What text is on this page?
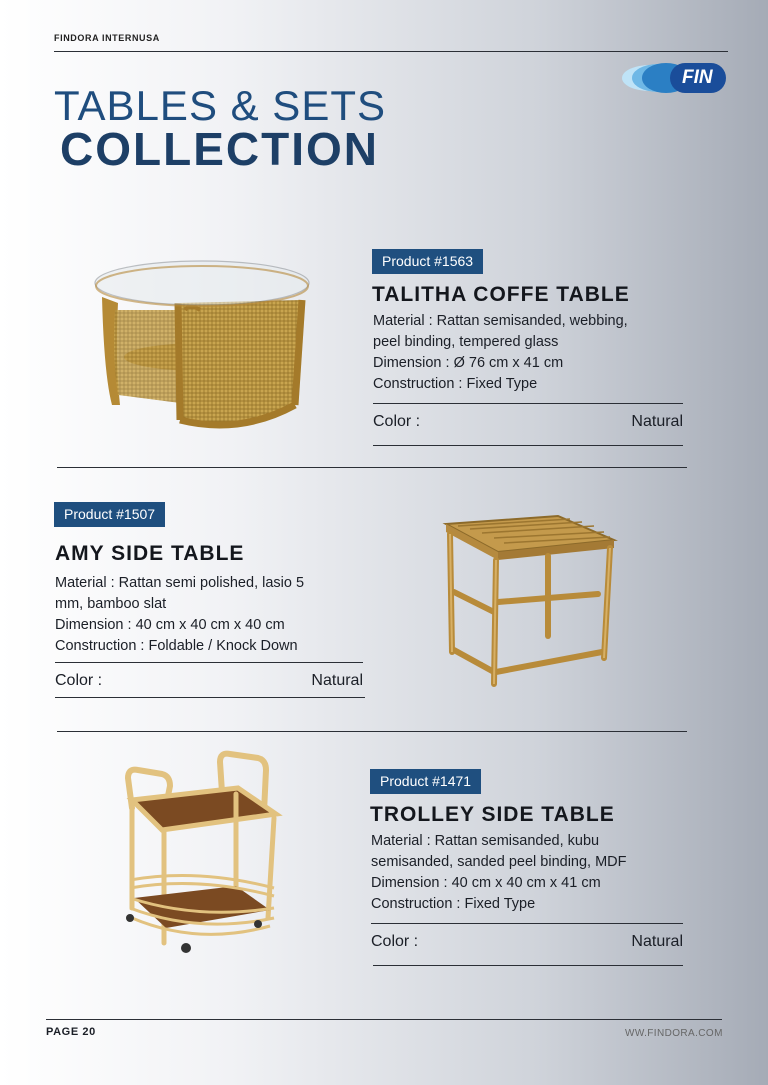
FINDORA INTERNUSA
FIN
TABLES & SETS
COLLECTION
Product #1563
TALITHA COFFE TABLE
Material : Rattan semisanded, webbing,
peel binding, tempered glass
Dimension : Ø 76 cm x 41 cm
Construction : Fixed Type
Color :	Natural
Product #1507
AMY SIDE TABLE
Material : Rattan semi polished, lasio 5
mm, bamboo slat
Dimension : 40 cm x 40 cm x 40 cm
Construction : Foldable / Knock Down
Color :	Natural
Product #1471
TROLLEY SIDE TABLE
Material : Rattan semisanded, kubu
semisanded, sanded peel binding, MDF
Dimension : 40 cm x 40 cm x 41 cm
Construction : Fixed Type
Color :	Natural
PAGE 20	WW.FINDORA.COM
